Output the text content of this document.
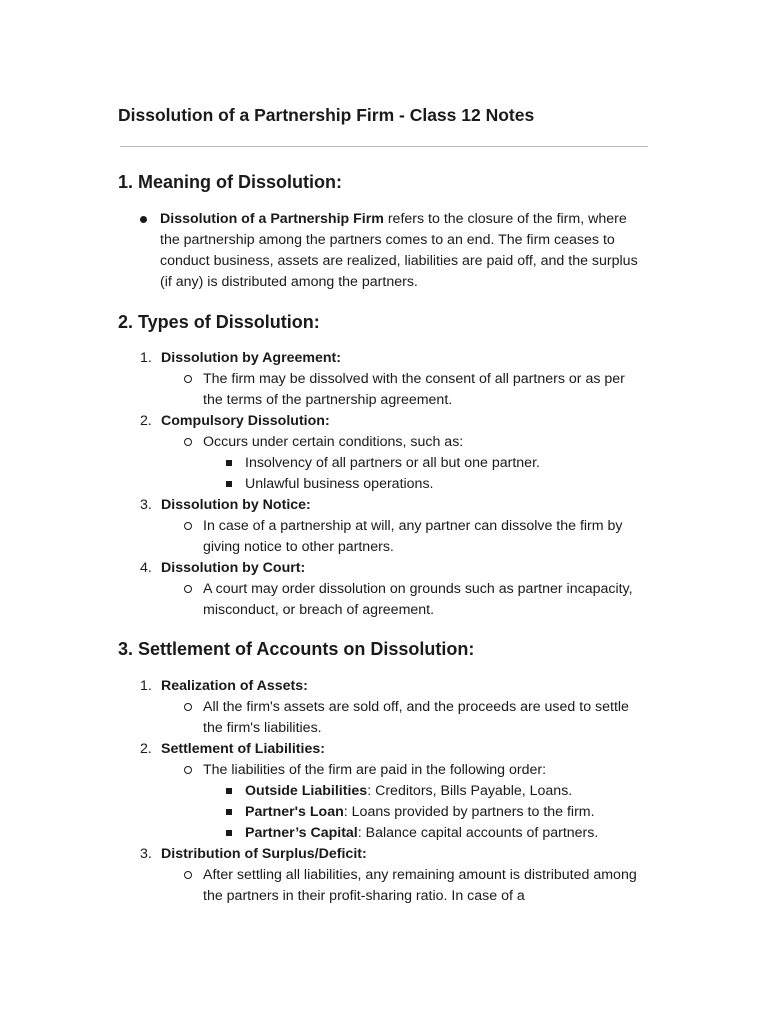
Dissolution of a Partnership Firm - Class 12 Notes
1. Meaning of Dissolution:

Dissolution of a Partnership Firm refers to the closure of the firm, where the partnership among the partners comes to an end. The firm ceases to conduct business, assets are realized, liabilities are paid off, and the surplus (if any) is distributed among the partners.

2. Types of Dissolution:
1. Dissolution by Agreement:

The firm may be dissolved with the consent of all partners or as per the terms of the partnership agreement.

2. Compulsory Dissolution:

Occurs under certain conditions, such as:

Insolvency of all partners or all but one partner.

Unlawful business operations.

3. Dissolution by Notice:

In case of a partnership at will, any partner can dissolve the firm by giving notice to other partners.

4. Dissolution by Court:

A court may order dissolution on grounds such as partner incapacity, misconduct, or breach of agreement.

3. Settlement of Accounts on Dissolution:
1. Realization of Assets:

All the firm's assets are sold off, and the proceeds are used to settle the firm's liabilities.

2. Settlement of Liabilities:

The liabilities of the firm are paid in the following order:

Outside Liabilities: Creditors, Bills Payable, Loans.

Partner's Loan: Loans provided by partners to the firm.

Partner’s Capital: Balance capital accounts of partners.

3. Distribution of Surplus/Deficit:

After settling all liabilities, any remaining amount is distributed among the partners in their profit-sharing ratio. In case of a
